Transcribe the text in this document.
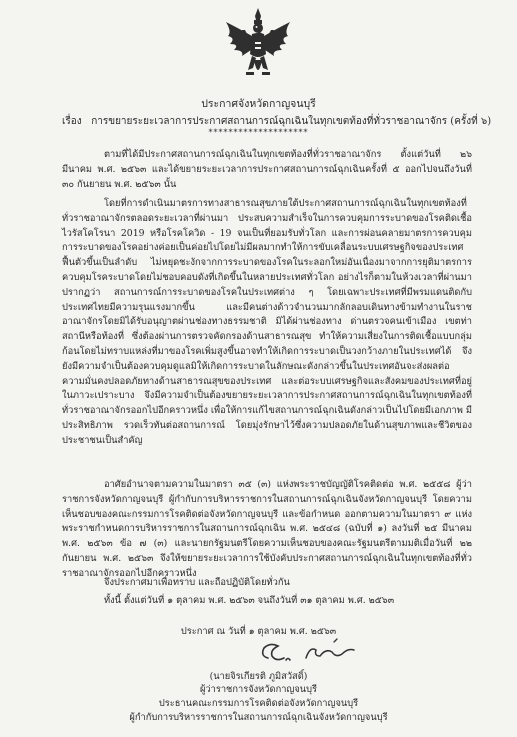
ประกาศจังหวัดกาญจนบุรี
เรื่อง การขยายระยะเวลาการประกาศสถานการณ์ฉุกเฉินในทุกเขตท้องที่ทั่วราชอาณาจักร (ครั้งที่ ๖)
********************
ตามที่ได้มีประกาศสถานการณ์ฉุกเฉินในทุกเขตท้องที่ทั่วราชอาณาจักร ตั้งแต่วันที่ ๒๖ มีนาคม พ.ศ. ๒๕๖๓ และได้ขยายระยะเวลาการประกาศสถานการณ์ฉุกเฉินครั้งที่ ๕ ออกไปจนถึงวันที่ ๓๐ กันยายน พ.ศ. ๒๕๖๓ นั้น
โดยที่การดำเนินมาตรการทางสาธารณสุขภายใต้ประกาศสถานการณ์ฉุกเฉินในทุกเขตท้องที่ทั่วราชอาณาจักรตลอดระยะเวลาที่ผ่านมา ประสบความสำเร็จในการควบคุมการระบาดของโรคติดเชื้อไวรัสโคโรนา 2019 หรือโรคโควิด - 19 จนเป็นที่ยอมรับทั่วโลก และการผ่อนคลายมาตรการควบคุมการระบาดของโรคอย่างค่อยเป็นค่อยไปโดยไม่มีผลมากทำให้การขับเคลื่อนระบบเศรษฐกิจของประเทศฟื้นตัวขึ้นเป็นลำดับ ไม่หยุดชะงักจากการระบาดของโรคในระลอกใหม่อันเนื่องมาจากการยุติมาตรการควบคุมโรคระบาดโดยไม่ชอบคอบดังที่เกิดขึ้นในหลายประเทศทั่วโลก อย่างไรก็ตามในห้วงเวลาที่ผ่านมาปรากฏว่า สถานการณ์การระบาดของโรคในประเทศต่าง ๆ โดยเฉพาะประเทศที่มีพรมแดนติดกับประเทศไทยมีความรุนแรงมากขึ้น และมีคนต่างด้าวจำนวนมากลักลอบเดินทางข้ามทำงานในราชอาณาจักรโดยมิได้รับอนุญาตผ่านช่องทางธรรมชาติ มิได้ผ่านช่องทาง ด่านตรวจคนเข้าเมือง เขตท่า สถานีหรือท้องที่ ซึ่งต้องผ่านการตรวจคัดกรองด้านสาธารณสุข ทำให้ความเสี่ยงในการติดเชื้อแบบกลุ่มก้อนโดยไม่ทราบแหล่งที่มาของโรคเพิ่มสูงขึ้นอาจทำให้เกิดการระบาดเป็นวงกว้างภายในประเทศได้ จึงยังมีความจำเป็นต้องควบคุมดูแลมิให้เกิดการระบาดในลักษณะดังกล่าวขึ้นในประเทศอันจะส่งผลต่อความมั่นคงปลอดภัยทางด้านสาธารณสุขของประเทศ และต่อระบบเศรษฐกิจและสังคมของประเทศที่อยู่ในภาวะเปราะบาง จึงมีความจำเป็นต้องขยายระยะเวลาการประกาศสถานการณ์ฉุกเฉินในทุกเขตท้องที่ทั่วราชอาณาจักรออกไปอีกคราวหนึ่ง เพื่อให้การแก้ไขสถานการณ์ฉุกเฉินดังกล่าวเป็นไปโดยมีเอกภาพ มีประสิทธิภาพ รวดเร็วทันต่อสถานการณ์ โดยมุ่งรักษาไว้ซึ่งความปลอดภัยในด้านสุขภาพและชีวิตของประชาชนเป็นสำคัญ
อาศัยอำนาจตามความในมาตรา ๓๕ (๓) แห่งพระราชบัญญัติโรคติดต่อ พ.ศ. ๒๕๕๘ ผู้ว่าราชการจังหวัดกาญจนบุรี ผู้กำกับการบริหารราชการในสถานการณ์ฉุกเฉินจังหวัดกาญจนบุรี โดยความเห็นชอบของคณะกรรมการโรคติดต่อจังหวัดกาญจนบุรี และข้อกำหนด ออกตามความในมาตรา ๙ แห่งพระราชกำหนดการบริหารราชการในสถานการณ์ฉุกเฉิน พ.ศ. ๒๕๔๘ (ฉบับที่ ๑) ลงวันที่ ๒๕ มีนาคม พ.ศ. ๒๕๖๓ ข้อ ๗ (๓) และนายกรัฐมนตรีโดยความเห็นชอบของคณะรัฐมนตรีตามมติเมื่อวันที่ ๒๒ กันยายน พ.ศ. ๒๕๖๓ จึงให้ขยายระยะเวลาการใช้บังคับประกาศสถานการณ์ฉุกเฉินในทุกเขตท้องที่ทั่วราชอาณาจักรออกไปอีกคราวหนึ่ง
จึงประกาศมาเพื่อทราบ และถือปฏิบัติโดยทั่วกัน
ทั้งนี้ ตั้งแต่วันที่ ๑ ตุลาคม พ.ศ. ๒๕๖๓ จนถึงวันที่ ๓๑ ตุลาคม พ.ศ. ๒๕๖๓
ประกาศ ณ วันที่ ๑ ตุลาคม พ.ศ. ๒๕๖๓
(นายจิรเกียรติ ภูมิสวัสดิ์)
ผู้ว่าราชการจังหวัดกาญจนบุรี
ประธานคณะกรรมการโรคติดต่อจังหวัดกาญจนบุรี
ผู้กำกับการบริหารราชการในสถานการณ์ฉุกเฉินจังหวัดกาญจนบุรี
